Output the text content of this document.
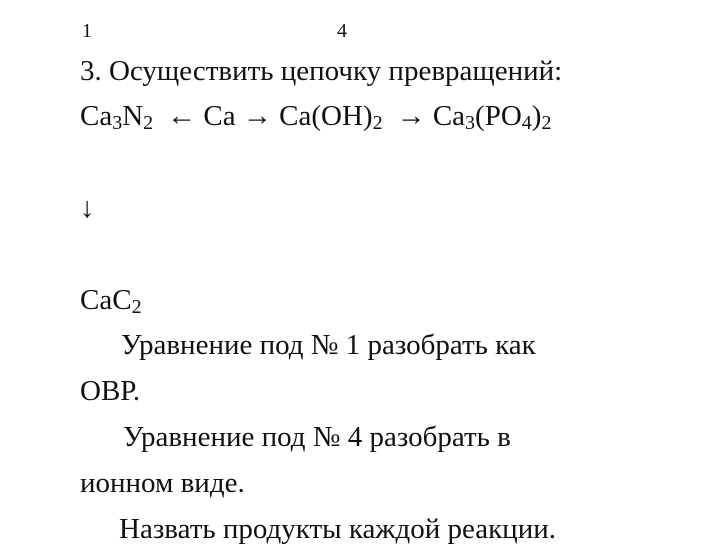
1	4
3. Осуществить цепочку превращений:
$Ca_3N_2$ ← $Ca \to Ca(OH)_2 \to Ca_3(PO_4)_2$
↓
CaC$_2$
Уравнение под № 1 разобрать как
ОВР.
Уравнение под № 4 разобрать в
ионном виде.
Назвать продукты каждой реакции.
